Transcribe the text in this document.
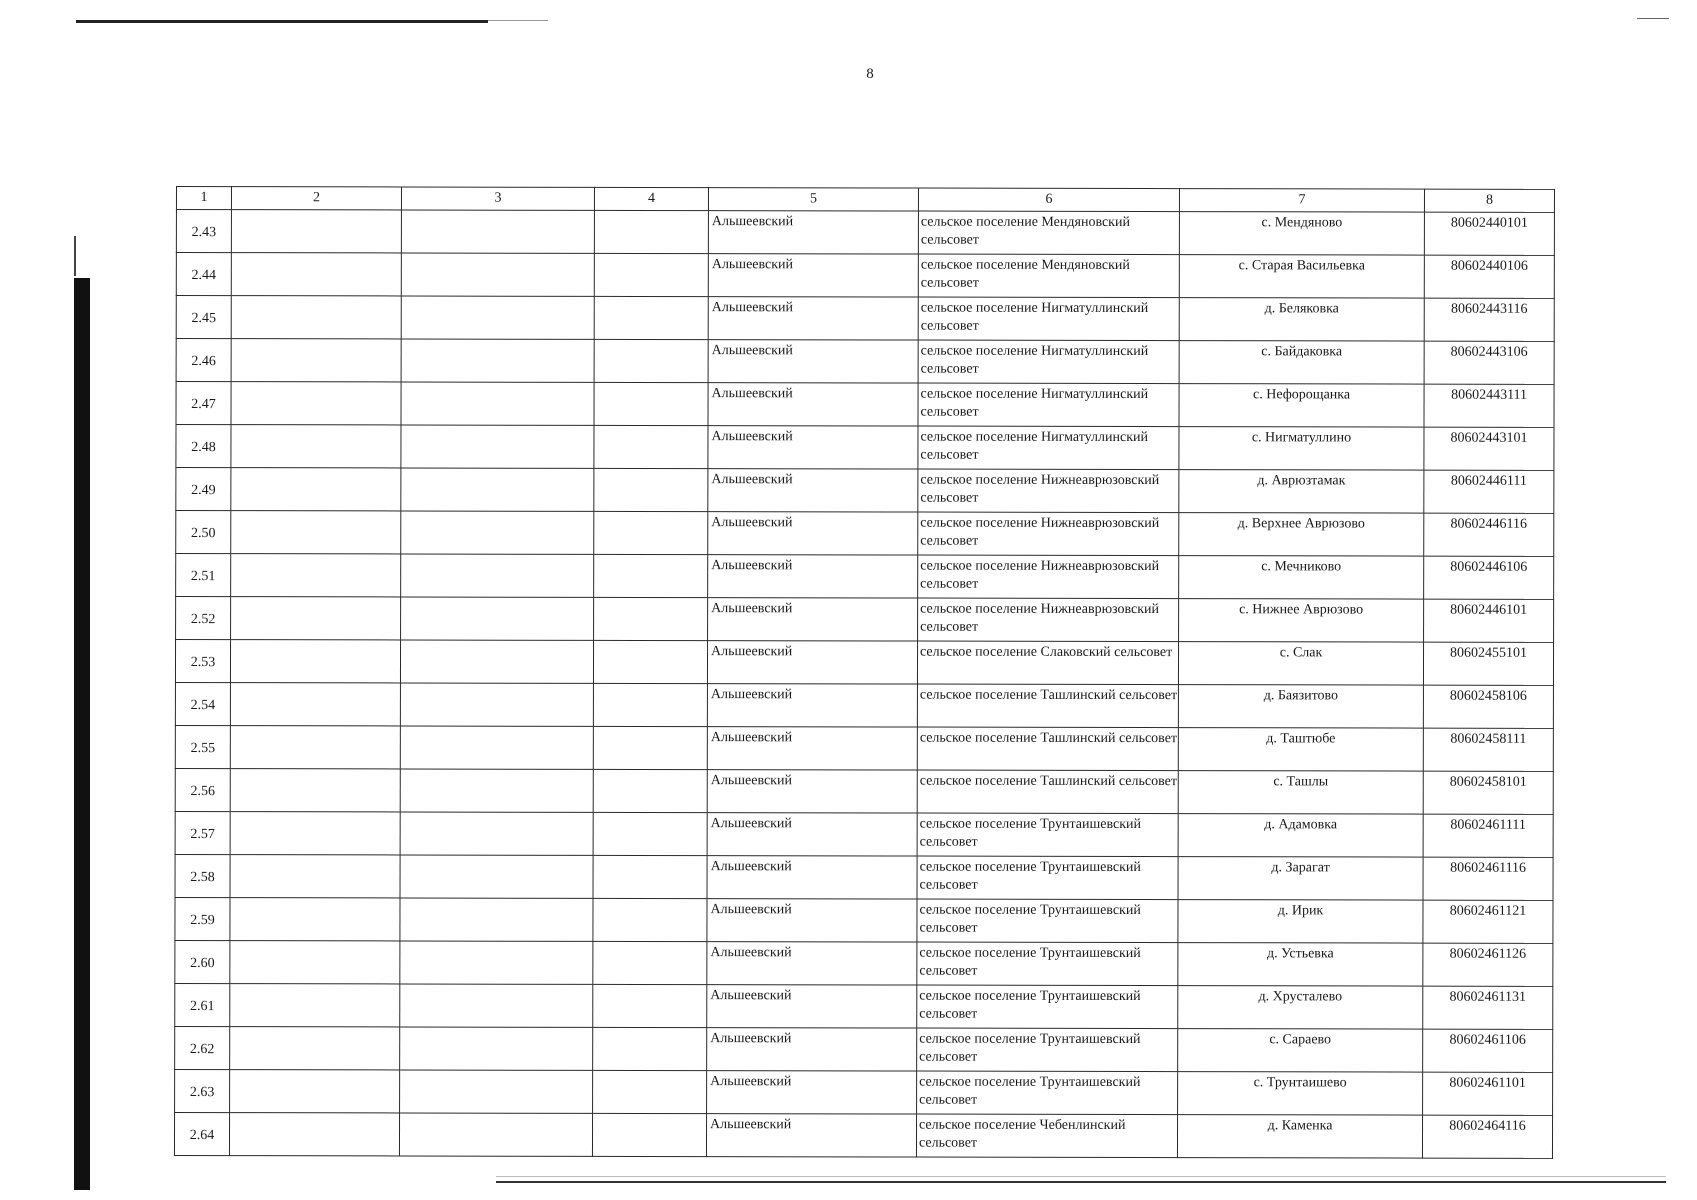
8
1	2	3	4	5	6	7	8
2.43				Альшеевский	сельское поселение Мендяновский сельсовет	с. Мендяново	80602440101
2.44				Альшеевский	сельское поселение Мендяновский сельсовет	с. Старая Васильевка	80602440106
2.45				Альшеевский	сельское поселение Нигматуллинский сельсовет	д. Беляковка	80602443116
2.46				Альшеевский	сельское поселение Нигматуллинский сельсовет	с. Байдаковка	80602443106
2.47				Альшеевский	сельское поселение Нигматуллинский сельсовет	с. Нефорощанка	80602443111
2.48				Альшеевский	сельское поселение Нигматуллинский сельсовет	с. Нигматуллино	80602443101
2.49				Альшеевский	сельское поселение Нижнеаврюзовский сельсовет	д. Аврюзтамак	80602446111
2.50				Альшеевский	сельское поселение Нижнеаврюзовский сельсовет	д. Верхнее Аврюзово	80602446116
2.51				Альшеевский	сельское поселение Нижнеаврюзовский сельсовет	с. Мечниково	80602446106
2.52				Альшеевский	сельское поселение Нижнеаврюзовский сельсовет	с. Нижнее Аврюзово	80602446101
2.53				Альшеевский	сельское поселение Слаковский сельсовет	с. Слак	80602455101
2.54				Альшеевский	сельское поселение Ташлинский сельсовет	д. Баязитово	80602458106
2.55				Альшеевский	сельское поселение Ташлинский сельсовет	д. Таштюбе	80602458111
2.56				Альшеевский	сельское поселение Ташлинский сельсовет	с. Ташлы	80602458101
2.57				Альшеевский	сельское поселение Трунтаишевский сельсовет	д. Адамовка	80602461111
2.58				Альшеевский	сельское поселение Трунтаишевский сельсовет	д. Зарагат	80602461116
2.59				Альшеевский	сельское поселение Трунтаишевский сельсовет	д. Ирик	80602461121
2.60				Альшеевский	сельское поселение Трунтаишевский сельсовет	д. Устьевка	80602461126
2.61				Альшеевский	сельское поселение Трунтаишевский сельсовет	д. Хрусталево	80602461131
2.62				Альшеевский	сельское поселение Трунтаишевский сельсовет	с. Сараево	80602461106
2.63				Альшеевский	сельское поселение Трунтаишевский сельсовет	с. Трунтаишево	80602461101
2.64				Альшеевский	сельское поселение Чебенлинский сельсовет	д. Каменка	80602464116
